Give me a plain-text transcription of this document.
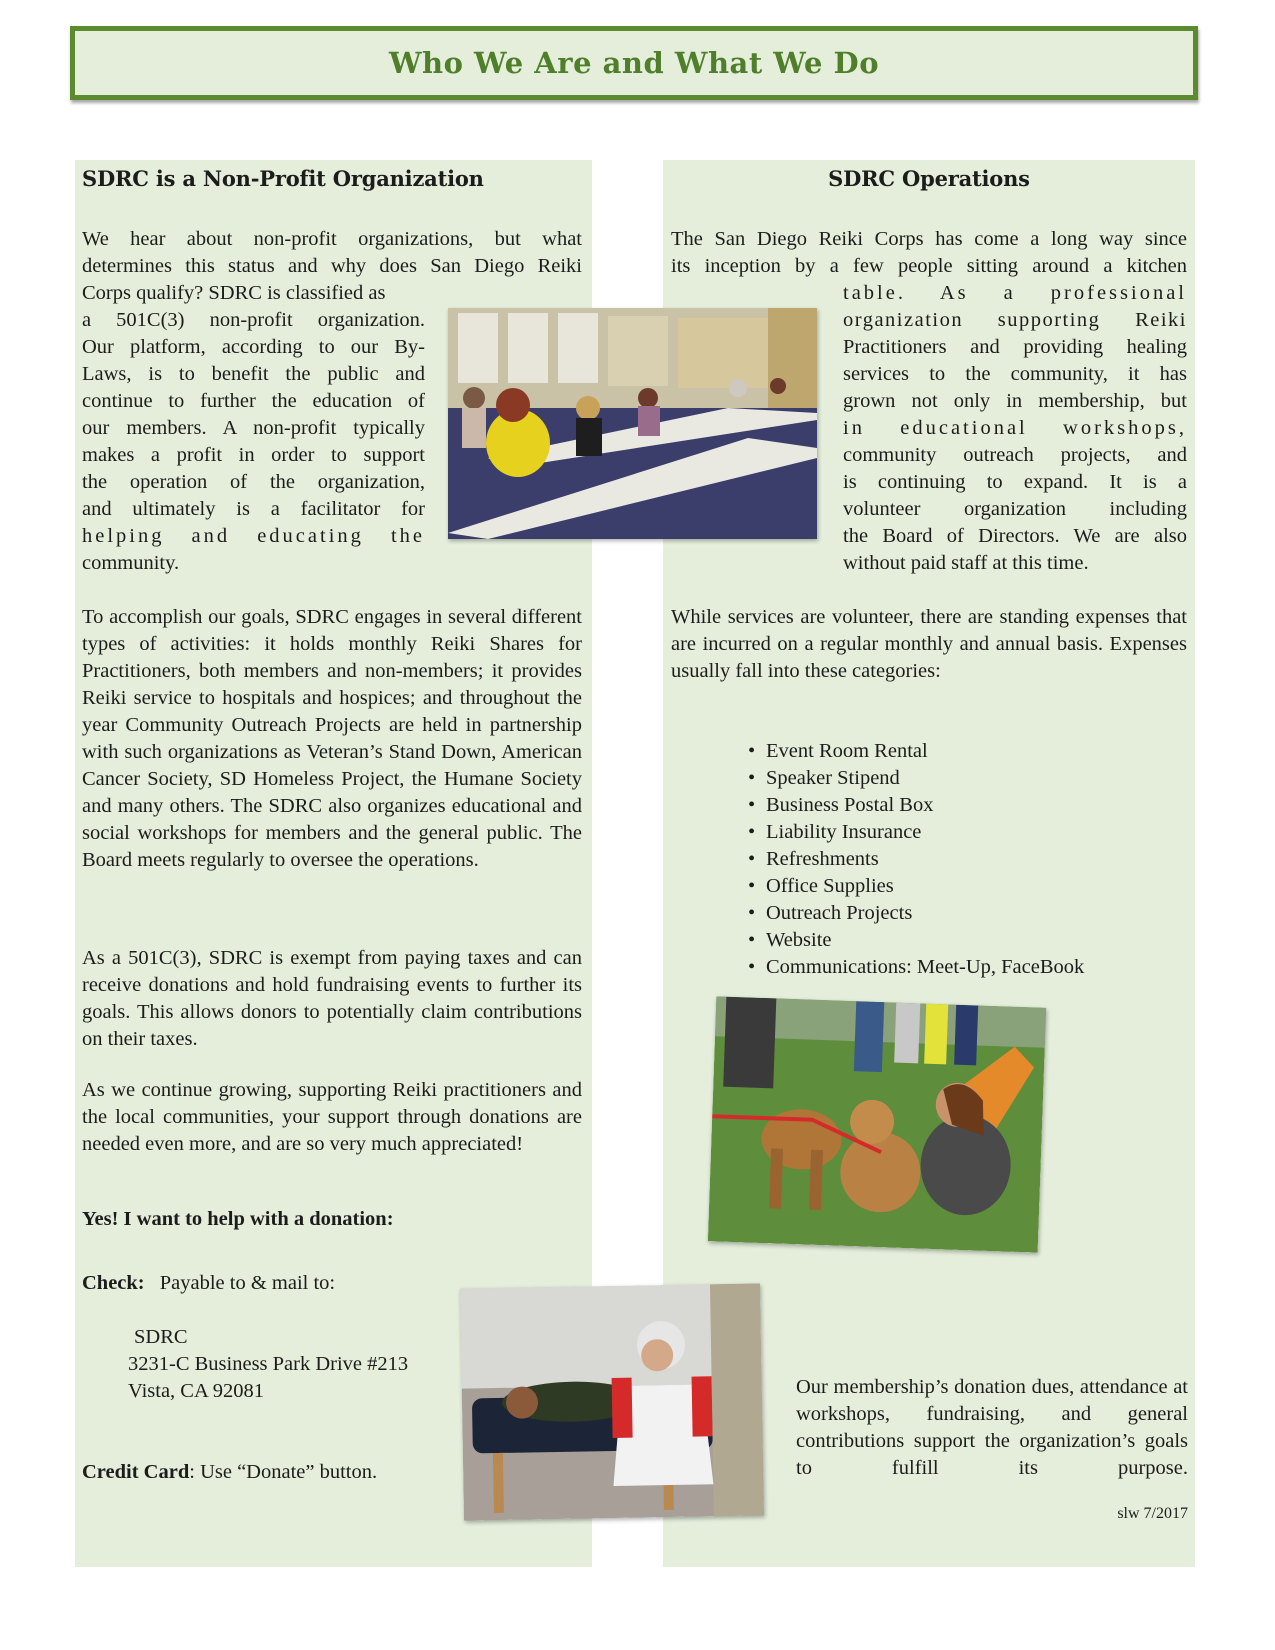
Who We Are and What We Do
SDRC is a Non-Profit Organization
We hear about non-profit organizations, but what
determines this status and why does San Diego Reiki
Corps qualify? SDRC is classified as
a 501C(3) non-profit organization.
Our platform, according to our By-
Laws, is to benefit the public and
continue to further the education of
our members. A non-profit typically
makes a profit in order to support
the operation of the organization,
and ultimately is a facilitator for
helping and educating the
community.

To accomplish our goals, SDRC engages in several different types of activities: it holds monthly Reiki Shares for Practitioners, both members and non-members; it provides Reiki service to hospitals and hospices; and throughout the year Community Outreach Projects are held in partnership with such organizations as Veteran’s Stand Down, American Cancer Society, SD Homeless Project, the Humane Society and many others. The SDRC also organizes educational and social workshops for members and the general public. The Board meets regularly to oversee the operations.

As a 501C(3), SDRC is exempt from paying taxes and can receive donations and hold fundraising events to further its goals. This allows donors to potentially claim contributions on their taxes.

As we continue growing, supporting Reiki practitioners and the local communities, your support through donations are needed even more, and are so very much appreciated!

Yes! I want to help with a donation:

Check: Payable to & mail to:

SDRC
3231-C Business Park Drive #213
Vista, CA 92081

Credit Card: Use “Donate” button.

SDRC Operations
The San Diego Reiki Corps has come a long way since
its inception by a few people sitting around a kitchen
table. As a professional
organization supporting Reiki
Practitioners and providing healing
services to the community, it has
grown not only in membership, but
in educational workshops,
community outreach projects, and
is continuing to expand. It is a
volunteer organization including
the Board of Directors. We are also
without paid staff at this time.

While services are volunteer, there are standing expenses that are incurred on a regular monthly and annual basis. Expenses usually fall into these categories:

• Event Room Rental
• Speaker Stipend
• Business Postal Box
• Liability Insurance
• Refreshments
• Office Supplies
• Outreach Projects
• Website
• Communications: Meet-Up, FaceBook

Our membership’s donation dues, attendance at workshops, fundraising, and general contributions support the organization’s goals to fulfill its purpose.

slw 7/2017
